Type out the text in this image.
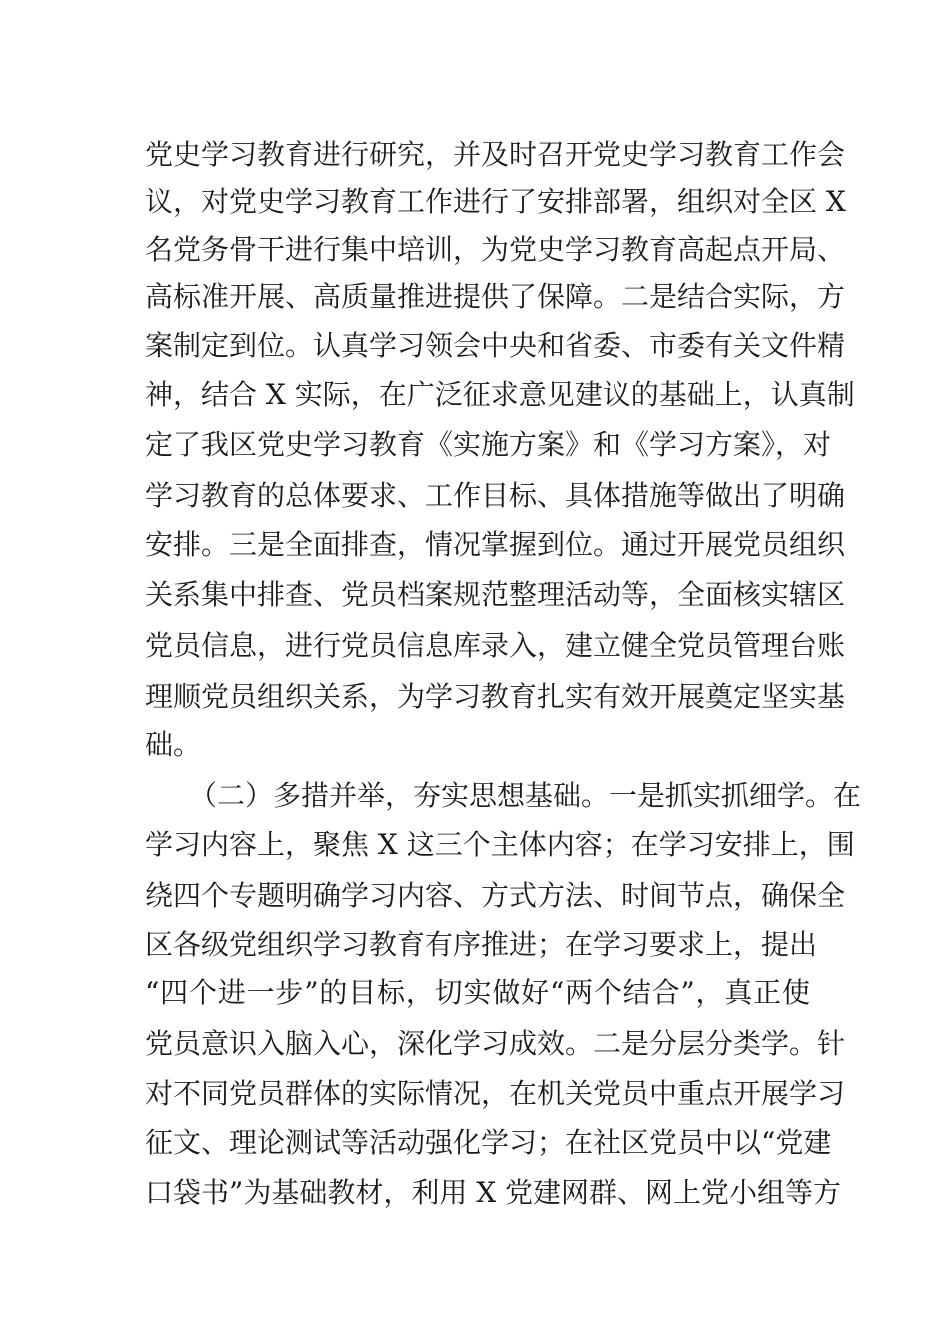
党史学习教育进行研究，并及时召开党史学习教育工作会
议，对党史学习教育工作进行了安排部署，组织对全区 X
名党务骨干进行集中培训，为党史学习教育高起点开局、
高标准开展、高质量推进提供了保障。二是结合实际，方
案制定到位。认真学习领会中央和省委、市委有关文件精
神，结合 X 实际，在广泛征求意见建议的基础上，认真制
定了我区党史学习教育《实施方案》和《学习方案》，对
学习教育的总体要求、工作目标、具体措施等做出了明确
安排。三是全面排查，情况掌握到位。通过开展党员组织
关系集中排查、党员档案规范整理活动等，全面核实辖区
党员信息，进行党员信息库录入，建立健全党员管理台账
理顺党员组织关系，为学习教育扎实有效开展奠定坚实基
础。
（二）多措并举，夯实思想基础。一是抓实抓细学。在
学习内容上，聚焦 X 这三个主体内容；在学习安排上，围
绕四个专题明确学习内容、方式方法、时间节点，确保全
区各级党组织学习教育有序推进；在学习要求上，提出
“四个进一步”的目标，切实做好“两个结合”，真正使
党员意识入脑入心，深化学习成效。二是分层分类学。针
对不同党员群体的实际情况，在机关党员中重点开展学习
征文、理论测试等活动强化学习；在社区党员中以“党建
口袋书”为基础教材，利用 X 党建网群、网上党小组等方
